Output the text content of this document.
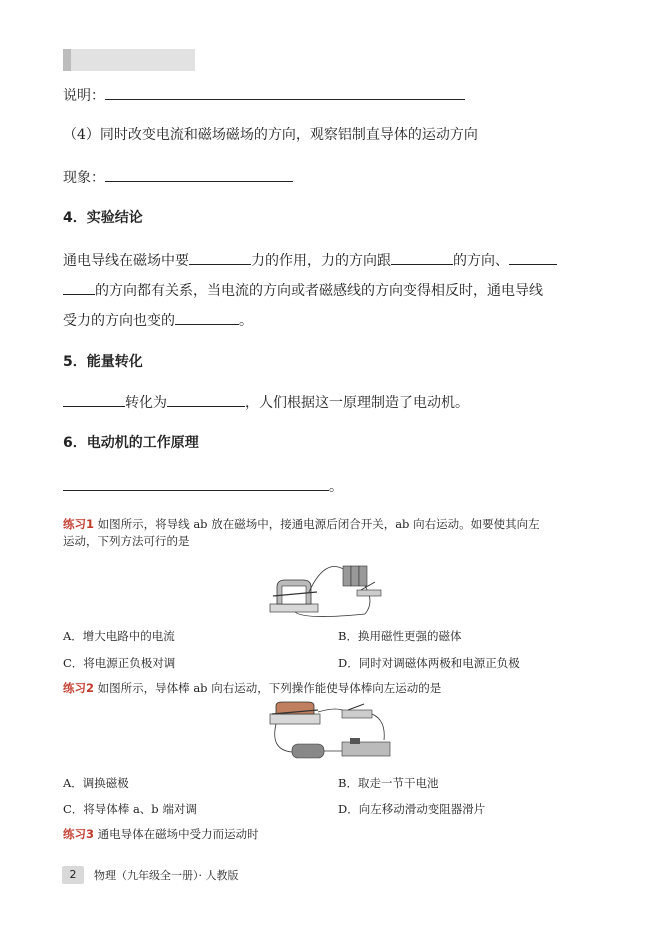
说明：
（4）同时改变电流和磁场磁场的方向，观察铝制直导体的运动方向
现象：
4．实验结论
通电导线在磁场中要	力的作用，力的方向跟	的方向、
的方向都有关系，当电流的方向或者磁感线的方向变得相反时，通电导线
受力的方向也变的	。
5．能量转化
转化为	，人们根据这一原理制造了电动机。
6．电动机的工作原理
。
练习1 如图所示，将导线 ab 放在磁场中，接通电源后闭合开关，ab 向右运动。如要使其向左
运动，下列方法可行的是
A．增大电路中的电流	B．换用磁性更强的磁体
C．将电源正负极对调	D．同时对调磁体两极和电源正负极
练习2 如图所示，导体棒 ab 向右运动，下列操作能使导体棒向左运动的是
A．调换磁极	B．取走一节干电池
C．将导体棒 a、b 端对调	D．向左移动滑动变阻器滑片
练习3 通电导体在磁场中受力而运动时
2	物理（九年级全一册）· 人教版
